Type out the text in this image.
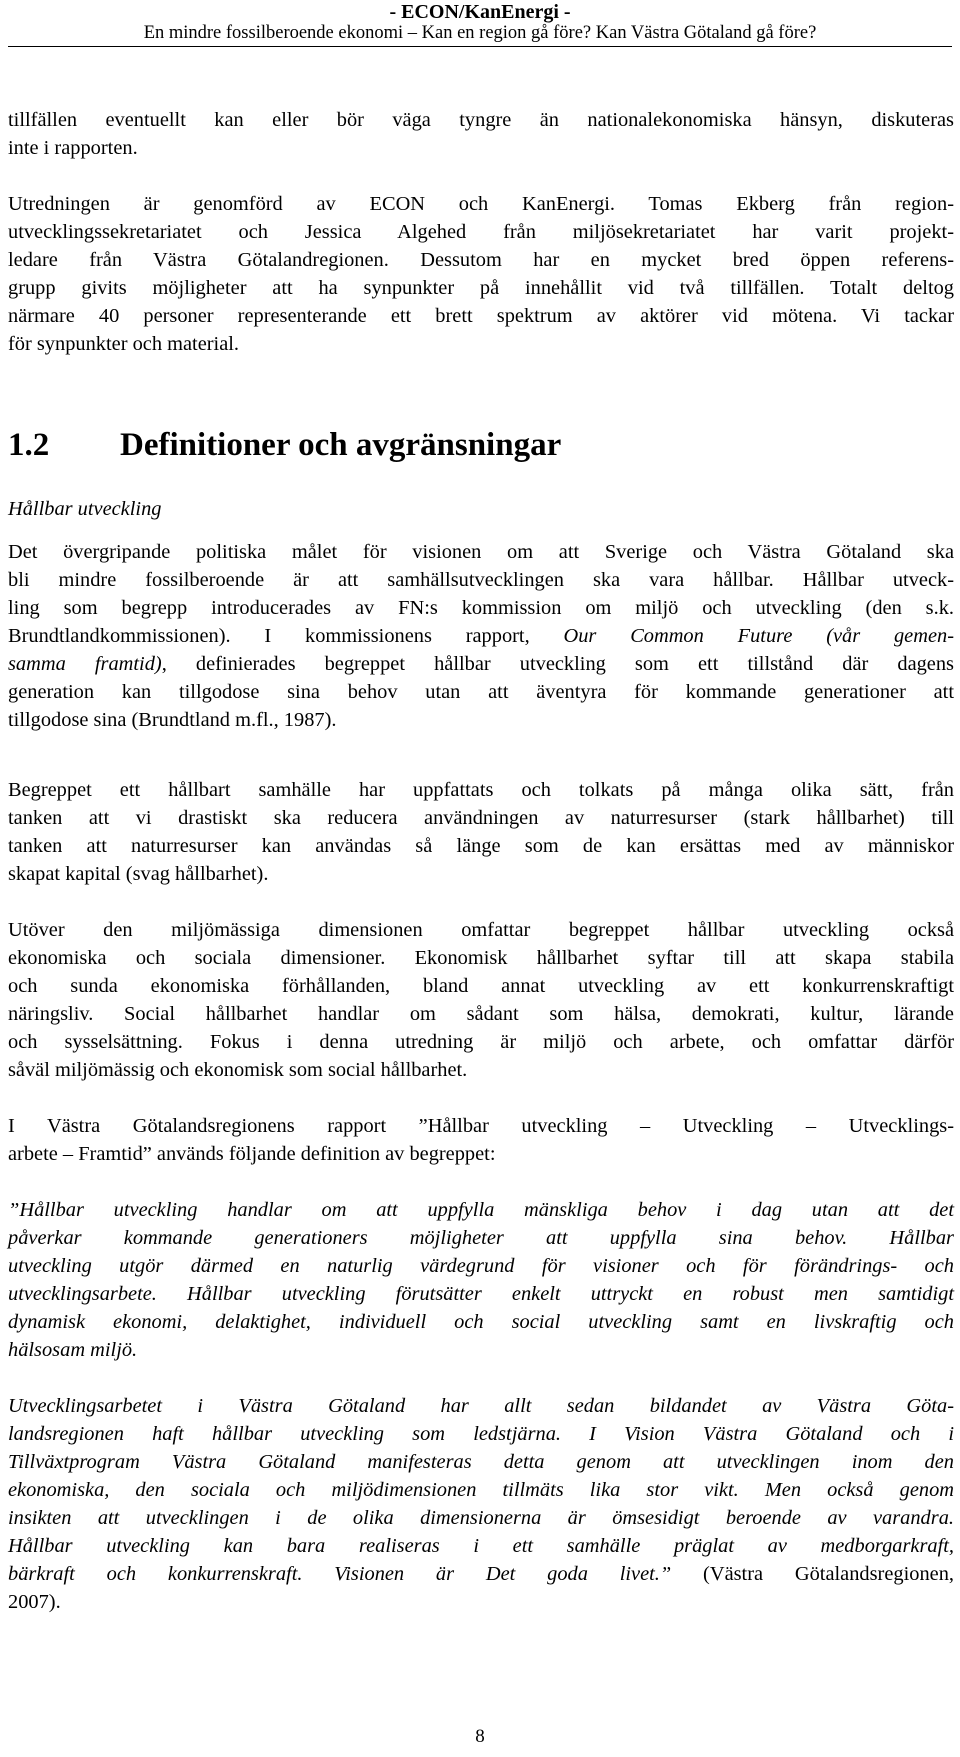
- ECON/KanEnergi -
En mindre fossilberoende ekonomi – Kan en region gå före? Kan Västra Götaland gå före?

tillfällen eventuellt kan eller bör väga tyngre än nationalekonomiska hänsyn, diskuteras
inte i rapporten.

Utredningen är genomförd av ECON och KanEnergi. Tomas Ekberg från region-
utvecklingssekretariatet och Jessica Algehed från miljösekretariatet har varit projekt-
ledare från Västra Götalandregionen. Dessutom har en mycket bred öppen referens-
grupp givits möjligheter att ha synpunkter på innehållit vid två tillfällen. Totalt deltog
närmare 40 personer representerande ett brett spektrum av aktörer vid mötena. Vi tackar
för synpunkter och material.

1.2 Definitioner och avgränsningar
Hållbar utveckling

Det övergripande politiska målet för visionen om att Sverige och Västra Götaland ska
bli mindre fossilberoende är att samhällsutvecklingen ska vara hållbar. Hållbar utveck-
ling som begrepp introducerades av FN:s kommission om miljö och utveckling (den s.k.
Brundtlandkommissionen). I kommissionens rapport, Our Common Future (vår gemen-
samma framtid), definierades begreppet hållbar utveckling som ett tillstånd där dagens
generation kan tillgodose sina behov utan att äventyra för kommande generationer att
tillgodose sina (Brundtland m.fl., 1987).

Begreppet ett hållbart samhälle har uppfattats och tolkats på många olika sätt, från
tanken att vi drastiskt ska reducera användningen av naturresurser (stark hållbarhet) till
tanken att naturresurser kan användas så länge som de kan ersättas med av människor
skapat kapital (svag hållbarhet).

Utöver den miljömässiga dimensionen omfattar begreppet hållbar utveckling också
ekonomiska och sociala dimensioner. Ekonomisk hållbarhet syftar till att skapa stabila
och sunda ekonomiska förhållanden, bland annat utveckling av ett konkurrenskraftigt
näringsliv. Social hållbarhet handlar om sådant som hälsa, demokrati, kultur, lärande
och sysselsättning. Fokus i denna utredning är miljö och arbete, och omfattar därför
såväl miljömässig och ekonomisk som social hållbarhet.

I Västra Götalandsregionens rapport ”Hållbar utveckling – Utveckling – Utvecklings-
arbete – Framtid” används följande definition av begreppet:

”Hållbar utveckling handlar om att uppfylla mänskliga behov i dag utan att det
påverkar kommande generationers möjligheter att uppfylla sina behov. Hållbar
utveckling utgör därmed en naturlig värdegrund för visioner och för förändrings- och
utvecklingsarbete. Hållbar utveckling förutsätter enkelt uttryckt en robust men samtidigt
dynamisk ekonomi, delaktighet, individuell och social utveckling samt en livskraftig och
hälsosam miljö.

Utvecklingsarbetet i Västra Götaland har allt sedan bildandet av Västra Göta-
landsregionen haft hållbar utveckling som ledstjärna. I Vision Västra Götaland och i
Tillväxtprogram Västra Götaland manifesteras detta genom att utvecklingen inom den
ekonomiska, den sociala och miljödimensionen tillmäts lika stor vikt. Men också genom
insikten att utvecklingen i de olika dimensionerna är ömsesidigt beroende av varandra.
Hållbar utveckling kan bara realiseras i ett samhälle präglat av medborgarkraft,
bärkraft och konkurrenskraft. Visionen är Det goda livet.” (Västra Götalandsregionen,
2007).

8
